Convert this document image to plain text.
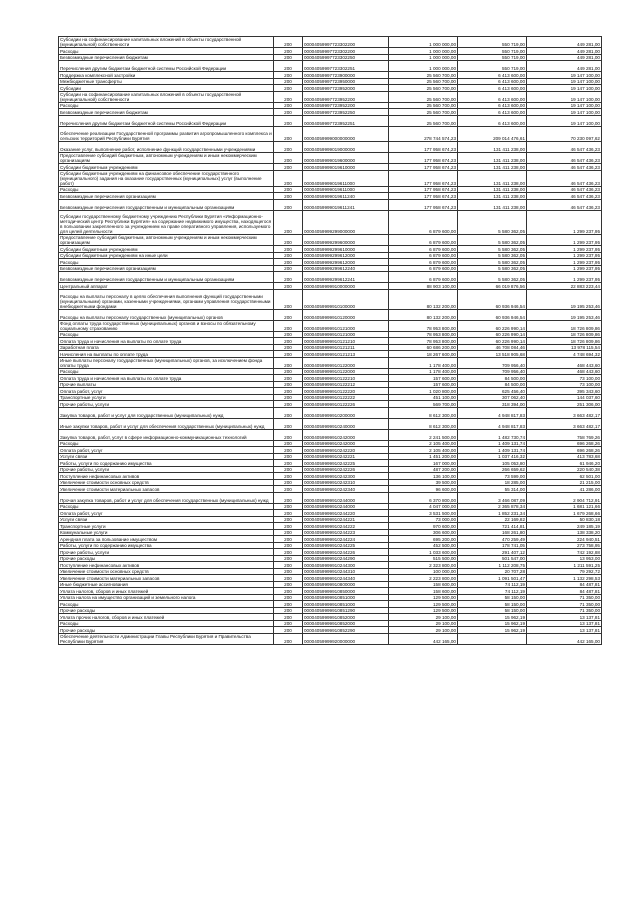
Субсидии на софинансирование капитальных вложений в объекты государственной (муниципальной) собственности	200	00004059997723302200	1 000 000,00	550 719,00	449 281,00
Расходы	200	00004059997723302200	1 000 000,00	550 719,00	449 281,00
Безвозмездные перечисления бюджетам	200	00004059997723302250	1 000 000,00	550 719,00	449 281,00
Перечисления другим бюджетам бюджетной системы Российской Федерации	200	00004059997723302251	1 000 000,00	550 719,00	449 281,00
Поддержка комплексной застройки	200	00004059997723900000	25 560 700,00	6 413 600,00	19 147 100,00
Межбюджетные трансферты	200	00004059997723950000	25 560 700,00	6 413 600,00	19 147 100,00
Субсидии	200	00004059997723952000	25 560 700,00	6 413 600,00	19 147 100,00
Субсидии на софинансирование капитальных вложений в объекты государственной (муниципальной) собственности	200	00004059997723952200	25 560 700,00	6 413 600,00	19 147 100,00
Расходы	200	00004059997723952200	25 560 700,00	6 413 600,00	19 147 100,00
Безвозмездные перечисления бюджетам	200	00004059997723952250	25 560 700,00	6 413 600,00	19 147 100,00
Перечисления другим бюджетам бюджетной системы Российской Федерации	200	00004059997723952251	25 560 700,00	6 413 600,00	19 147 100,00
Обеспечение реализации Государственной программы развития агропромышленного комплекса и сельских территорий Республики Бурятия	200	00004059999000000000	278 744 574,23	209 014 476,61	70 230 097,62
Оказание услуг, выполнение работ, исполнение функций государственными учреждениями	200	00004059999019000000	177 958 674,23	131 411 238,00	46 547 436,23
Предоставление субсидий бюджетным, автономным учреждениям и иным некоммерческим организациям	200	00004059999019600000	177 958 674,23	131 411 238,00	46 547 436,23
Субсидии бюджетным учреждениям	200	00004059999019610000	177 958 674,23	131 411 238,00	46 547 436,23
Субсидии бюджетным учреждениям на финансовое обеспечение государственного (муниципального) задания на оказание государственных (муниципальных) услуг (выполнение работ)	200	00004059999019611000	177 958 674,23	131 411 238,00	46 547 436,23
Расходы	200	00004059999019611000	177 958 674,23	131 411 238,00	46 547 436,23
Безвозмездные перечисления организациям	200	00004059999019611240	177 958 674,23	131 411 238,00	46 547 436,23
Безвозмездные перечисления государственным и муниципальным организациям	200	00004059999019611241	177 958 674,23	131 411 238,00	46 547 436,23
Субсидии государственному бюджетному учреждению Республики Бурятия «Информационно-методический центр Республики Бурятия» на содержание недвижимого имущества, находящегося в пользовании закрепленного за учреждением на праве оперативного управления, используемого для целей деятельности	200	00004059999299000000	6 879 600,00	5 580 362,05	1 299 237,95
Предоставление субсидий бюджетным, автономным учреждениям и иным некоммерческим организациям	200	00004059999299600000	6 879 600,00	5 580 362,05	1 299 237,95
Субсидии бюджетным учреждениям	200	00004059999299610000	6 879 600,00	5 580 362,05	1 299 237,95
Субсидии бюджетным учреждениям на иные цели	200	00004059999299612000	6 879 600,00	5 580 362,05	1 299 237,95
Расходы	200	00004059999299612000	6 879 600,00	5 580 362,05	1 299 237,95
Безвозмездные перечисления организациям	200	00004059999299612240	6 879 600,00	5 580 362,05	1 299 237,95
Безвозмездные перечисления государственным и муниципальным организациям	200	00004059999299612241	6 879 600,00	5 580 362,05	1 299 237,95
Центральный аппарат	200	00004059999910000000	88 903 100,00	66 019 876,56	22 883 223,44
Расходы на выплаты персоналу в целях обеспечения выполнения функций государственными (муниципальными) органами, казенными учреждениями, органами управления государственными внебюджетными фондами	200	00004059999910100000	80 132 200,00	60 936 946,54	19 195 253,46
Расходы на выплаты персоналу государственных (муниципальных) органов	200	00004059999910120000	80 132 200,00	60 936 946,54	19 195 253,46
Фонд оплаты труда государственных (муниципальных) органов и взносы по обязательному социальному страхованию	200	00004059999910121000	78 953 800,00	60 226 990,14	18 726 809,86
Расходы	200	00004059999910121000	78 953 800,00	60 226 990,14	18 726 809,86
Оплата труда и начисления на выплаты по оплате труда	200	00004059999910121210	78 953 800,00	60 226 990,14	18 726 809,86
Заработная плата	200	00004059999910121211	60 686 200,00	46 708 084,46	13 978 115,54
Начисления на выплаты по оплате труда	200	00004059999910121213	18 267 600,00	13 518 905,68	4 748 694,32
Иные выплаты персоналу государственных (муниципальных) органов, за исключением фонда оплаты труда	200	00004059999910122000	1 178 400,00	709 956,40	468 443,60
Расходы	200	00004059999910122000	1 178 400,00	709 956,40	468 443,60
Оплата труда и начисления на выплаты по оплате труда	200	00004059999910122210	157 600,00	84 500,00	73 100,00
Прочие выплаты	200	00004059999910122212	157 600,00	84 500,00	73 100,00
Оплата работ, услуг	200	00004059999910122220	1 020 800,00	625 456,40	395 343,60
Транспортные услуги	200	00004059999910122222	451 100,00	307 062,40	144 037,60
Прочие работы, услуги	200	00004059999910122226	569 700,00	318 394,00	251 306,00
Закупка товаров, работ и услуг для государственных (муниципальных) нужд	200	00004059999910200000	8 612 300,00	4 948 817,83	3 663 482,17
Иные закупки товаров, работ и услуг для обеспечения государственных (муниципальных) нужд	200	00004059999910240000	8 612 300,00	4 948 817,83	3 663 482,17
Закупка товаров, работ, услуг в сфере информационно-коммуникационных технологий	200	00004059999910242000	2 241 500,00	1 482 730,74	758 769,26
Расходы	200	00004059999910242000	2 105 400,00	1 409 131,74	696 268,26
Оплата работ, услуг	200	00004059999910242220	2 105 400,00	1 409 131,74	696 268,26
Услуги связи	200	00004059999910242221	1 451 200,00	1 037 416,32	413 783,68
Работы, услуги по содержанию имущества	200	00004059999910242225	167 000,00	105 053,80	61 946,20
Прочие работы, услуги	200	00004059999910242226	487 200,00	266 659,62	220 540,38
Поступление нефинансовых активов	200	00004059999910242300	136 100,00	73 599,00	62 501,00
Увеличение стоимости основных средств	200	00004059999910242310	39 500,00	18 285,00	21 215,00
Увеличение стоимости материальных запасов	200	00004059999910242340	96 600,00	55 314,00	41 286,00
Прочая закупка товаров, работ и услуг для обеспечения государственных (муниципальных) нужд	200	00004059999910244000	6 370 800,00	3 466 087,09	2 904 712,91
Расходы	200	00004059999910244000	4 047 000,00	2 365 878,34	1 681 121,66
Оплата работ, услуг	200	00004059999910244220	3 531 500,00	1 852 231,34	1 679 268,66
Услуги связи	200	00004059999910244221	73 000,00	22 169,82	50 830,18
Транспортные услуги	200	00004059999910244222	970 600,00	721 414,81	249 185,19
Коммунальные услуги	200	00004059999910244223	306 600,00	168 261,80	138 338,20
Арендная плата за пользование имуществом	200	00004059999910244224	695 200,00	470 259,49	224 940,51
Работы, услуги по содержанию имущества	200	00004059999910244225	452 500,00	178 741,05	273 758,95
Прочие работы, услуги	200	00004059999910244226	1 033 600,00	291 407,12	742 192,88
Прочие расходы	200	00004059999910244290	515 500,00	501 547,00	13 953,00
Поступление нефинансовых активов	200	00004059999910244300	2 323 800,00	1 112 208,75	1 211 591,25
Увеличение стоимости основных средств	200	00004059999910244310	100 000,00	20 707,28	79 292,72
Увеличение стоимости материальных запасов	200	00004059999910244340	2 223 800,00	1 091 501,47	1 132 298,53
Иные бюджетные ассигнования	200	00004059999910800000	158 600,00	74 112,19	84 487,81
Уплата налогов, сборов и иных платежей	200	00004059999910850000	158 600,00	74 112,19	84 487,81
Уплата налога на имущество организаций и земельного налога	200	00004059999910851000	129 500,00	58 150,00	71 350,00
Расходы	200	00004059999910851000	129 500,00	58 150,00	71 350,00
Прочие расходы	200	00004059999910851290	129 500,00	58 150,00	71 350,00
Уплата прочих налогов, сборов и иных платежей	200	00004059999910852000	29 100,00	15 962,19	13 137,81
Расходы	200	00004059999910852000	29 100,00	15 962,19	13 137,81
Прочие расходы	200	00004059999910852290	29 100,00	15 962,19	13 137,81
Обеспечение деятельности Администрации Главы Республики Бурятия и Правительства Республики Бурятия	200	00004059999920000000	442 165,00		442 165,00
